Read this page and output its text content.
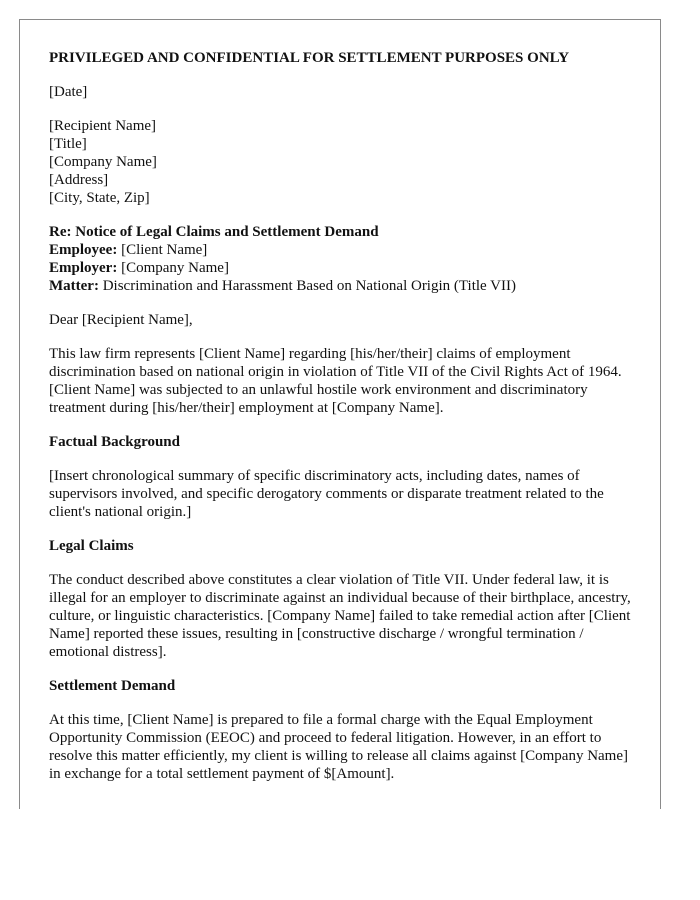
PRIVILEGED AND CONFIDENTIAL FOR SETTLEMENT PURPOSES ONLY
[Date]
[Recipient Name]
[Title]
[Company Name]
[Address]
[City, State, Zip]
Re: Notice of Legal Claims and Settlement Demand
Employee: [Client Name]
Employer: [Company Name]
Matter: Discrimination and Harassment Based on National Origin (Title VII)

Dear [Recipient Name],

This law firm represents [Client Name] regarding [his/her/their] claims of employment discrimination based on national origin in violation of Title VII of the Civil Rights Act of 1964. [Client Name] was subjected to an unlawful hostile work environment and discriminatory treatment during [his/her/their] employment at [Company Name].

Factual Background

[Insert chronological summary of specific discriminatory acts, including dates, names of supervisors involved, and specific derogatory comments or disparate treatment related to the client's national origin.]

Legal Claims

The conduct described above constitutes a clear violation of Title VII. Under federal law, it is illegal for an employer to discriminate against an individual because of their birthplace, ancestry, culture, or linguistic characteristics. [Company Name] failed to take remedial action after [Client Name] reported these issues, resulting in [constructive discharge / wrongful termination / emotional distress].

Settlement Demand

At this time, [Client Name] is prepared to file a formal charge with the Equal Employment Opportunity Commission (EEOC) and proceed to federal litigation. However, in an effort to resolve this matter efficiently, my client is willing to release all claims against [Company Name] in exchange for a total settlement payment of $[Amount].
